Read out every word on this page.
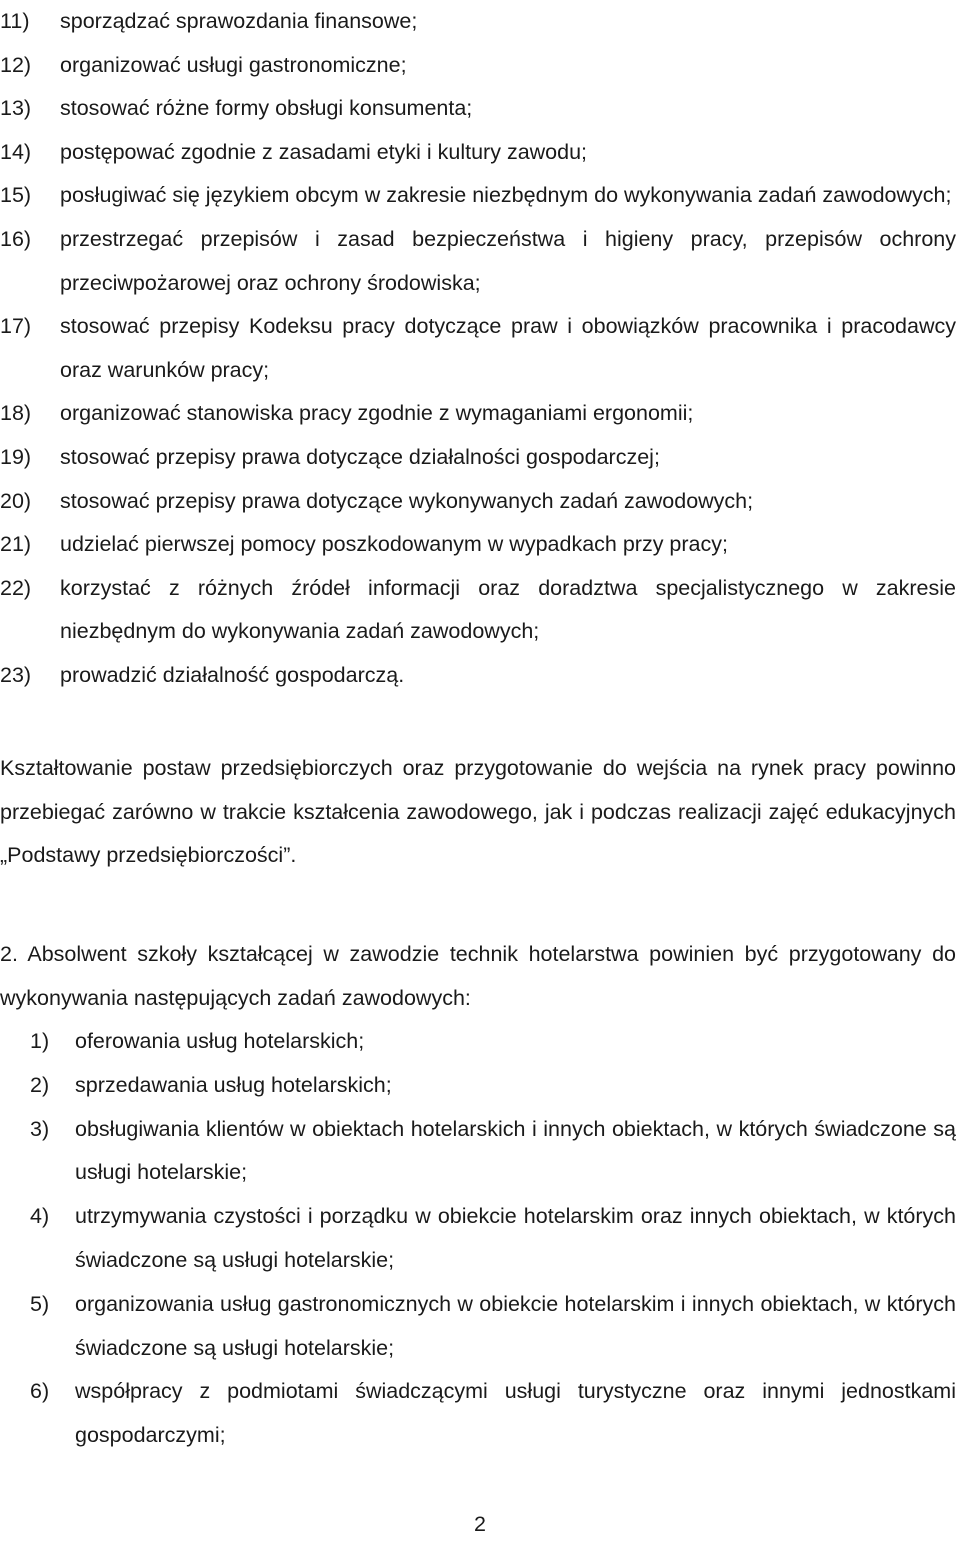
11) sporządzać sprawozdania finansowe;
12) organizować usługi gastronomiczne;
13) stosować różne formy obsługi konsumenta;
14) postępować zgodnie z zasadami etyki i kultury zawodu;
15) posługiwać się językiem obcym w zakresie niezbędnym do wykonywania zadań zawodowych;
16) przestrzegać przepisów i zasad bezpieczeństwa i higieny pracy, przepisów ochrony przeciwpożarowej oraz ochrony środowiska;
17) stosować przepisy Kodeksu pracy dotyczące praw i obowiązków pracownika i pracodawcy oraz warunków pracy;
18) organizować stanowiska pracy zgodnie z wymaganiami ergonomii;
19) stosować przepisy prawa dotyczące działalności gospodarczej;
20) stosować przepisy prawa dotyczące wykonywanych zadań zawodowych;
21) udzielać pierwszej pomocy poszkodowanym w wypadkach przy pracy;
22) korzystać z różnych źródeł informacji oraz doradztwa specjalistycznego w zakresie niezbędnym do wykonywania zadań zawodowych;
23) prowadzić działalność gospodarczą.

Kształtowanie postaw przedsiębiorczych oraz przygotowanie do wejścia na rynek pracy powinno przebiegać zarówno w trakcie kształcenia zawodowego, jak i podczas realizacji zajęć edukacyjnych „Podstawy przedsiębiorczości”.

2. Absolwent szkoły kształcącej w zawodzie technik hotelarstwa powinien być przygotowany do wykonywania następujących zadań zawodowych:

1) oferowania usług hotelarskich;
2) sprzedawania usług hotelarskich;
3) obsługiwania klientów w obiektach hotelarskich i innych obiektach, w których świadczone są usługi hotelarskie;
4) utrzymywania czystości i porządku w obiekcie hotelarskim oraz innych obiektach, w których świadczone są usługi hotelarskie;
5) organizowania usług gastronomicznych w obiekcie hotelarskim i innych obiektach, w których świadczone są usługi hotelarskie;
6) współpracy z podmiotami świadczącymi usługi turystyczne oraz innymi jednostkami gospodarczymi;
2
